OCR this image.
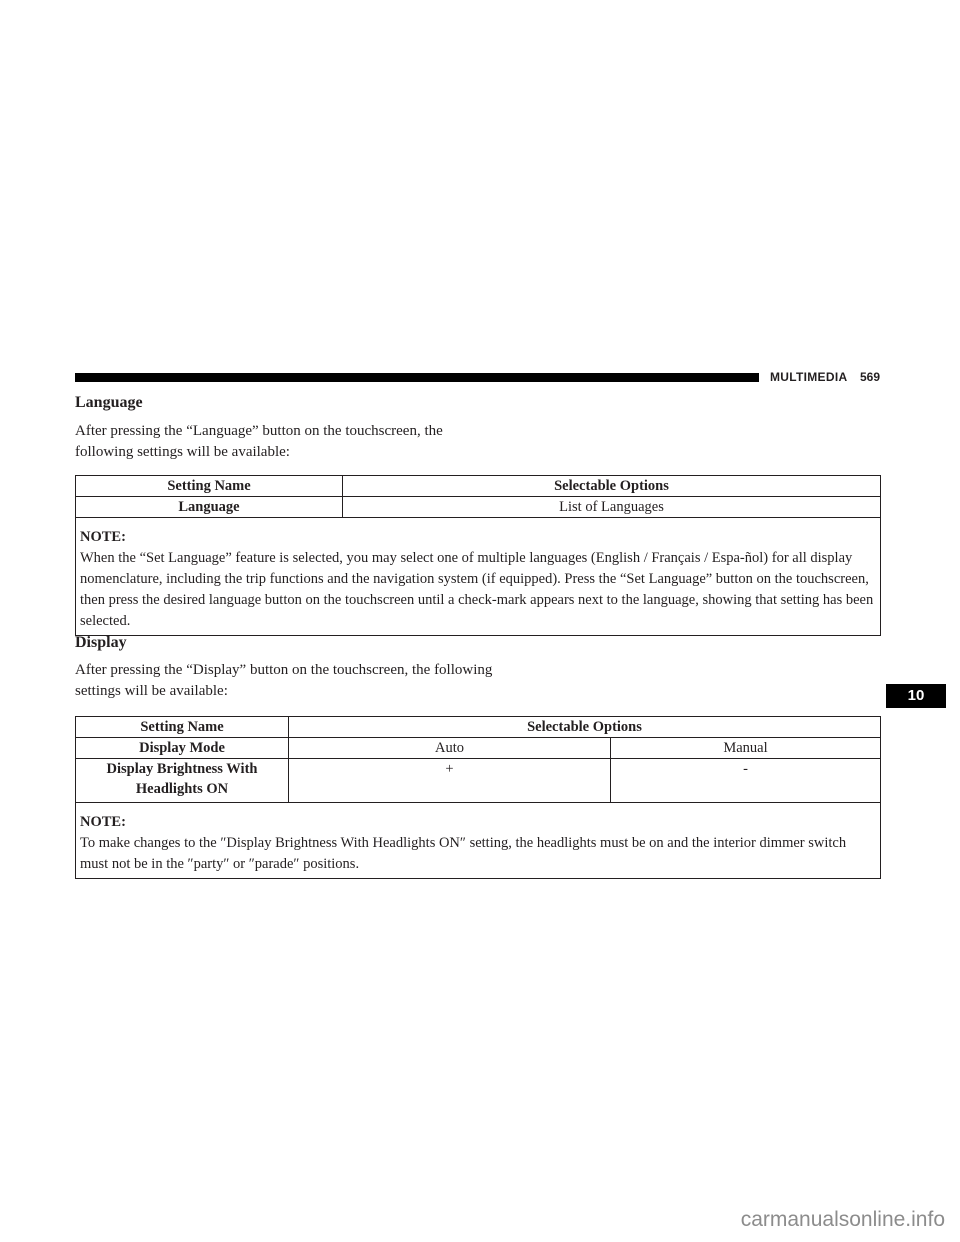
MULTIMEDIA 569
Language
After pressing the “Language” button on the touchscreen, the following settings will be available:
Setting Name	Selectable Options
Language	List of Languages

NOTE:
When the “Set Language” feature is selected, you may select one of multiple languages (English / Français / Espa-ñol) for all display nomenclature, including the trip functions and the navigation system (if equipped). Press the “Set Language” button on the touchscreen, then press the desired language button on the touchscreen until a check-mark appears next to the language, showing that setting has been selected.	
Display
After pressing the “Display” button on the touchscreen, the following settings will be available:
Setting Name	Selectable Options	
Display Mode	Auto	Manual
Display Brightness With Headlights ON	+	-

NOTE:
To make changes to the ″Display Brightness With Headlights ON″ setting, the headlights must be on and the interior dimmer switch must not be in the ″party″ or ″parade″ positions.		
10
carmanualsonline.info
